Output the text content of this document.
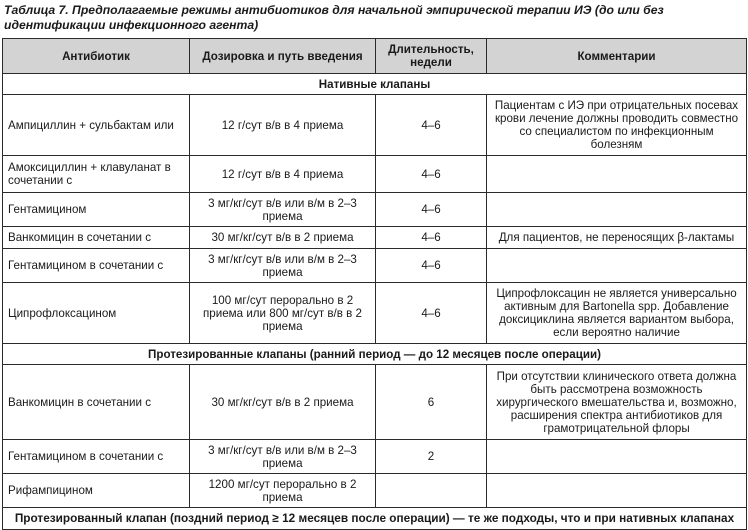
Таблица 7. Предполагаемые режимы антибиотиков для начальной эмпирической терапии ИЭ (до или без идентификации инфекционного агента)
Антибиотик	Дозировка и путь введения	Длительность, недели	Комментарии
Нативные клапаны			
Ампициллин + сульбактам или	12 г/сут в/в в 4 приема	4–6	Пациентам с ИЭ при отрицательных посевах крови лечение должны проводить совместно со специалистом по инфекционным болезням
Амоксициллин + клавуланат в сочетании с	12 г/сут в/в в 4 приема	4–6	
Гентамицином	3 мг/кг/сут в/в или в/м в 2–3 приема	4–6	
Ванкомицин в сочетании с	30 мг/кг/сут в/в в 2 приема	4–6	Для пациентов, не переносящих β-лактамы
Гентамицином в сочетании с	3 мг/кг/сут в/в или в/м в 2–3 приема	4–6	
Ципрофлоксацином	100 мг/сут перорально в 2 приема или 800 мг/сут в/в в 2 приема	4–6	Ципрофлоксацин не является универсально активным для Bartonella spp. Добавление доксициклина является вариантом выбора, если вероятно наличие
Протезированные клапаны (ранний период — до 12 месяцев после операции)			
Ванкомицин в сочетании с	30 мг/кг/сут в/в в 2 приема	6	При отсутствии клинического ответа должна быть рассмотрена возможность хирургического вмешательства и, возможно, расширения спектра антибиотиков для грамотрицательной флоры
Гентамицином в сочетании с	3 мг/кг/сут в/в или в/м в 2–3 приема	2	
Рифампицином	1200 мг/сут перорально в 2 приема		
Протезированный клапан (поздний период ≥ 12 месяцев после операции) — те же подходы, что и при нативных клапанах			
